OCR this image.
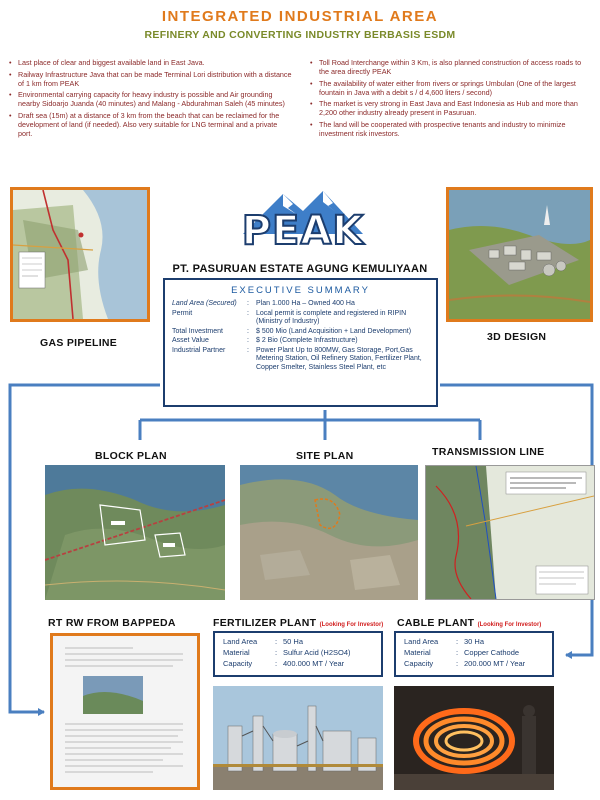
INTEGRATED INDUSTRIAL AREA
REFINERY AND CONVERTING INDUSTRY BERBASIS ESDM
• Last place of clear and biggest available land in East Java.
• Railway Infrastructure Java that can be made Terminal Lori distribution with a distance of 1 km from PEAK
• Environmental carrying capacity for heavy industry is possible and Air grounding nearby Sidoarjo Juanda (40 minutes) and Malang - Abdurahman Saleh (45 minutes)
• Draft sea (15m) at a distance of 3 km from the beach that can be reclaimed for the development of land (if needed). Also very suitable for LNG terminal and a private port.
• Toll Road Interchange within 3 Km, is also planned construction of access roads to the area directly PEAK
• The availability of water either from rivers or springs Umbulan (One of the largest fountain in Java with a debit s / d 4,600 liters / second)
• The market is very strong in East Java and East Indonesia as Hub and more than 2,200 other industry already present in Pasuruan.
• The land will be cooperated with prospective tenants and industry to minimize investment risk investors.
GAS PIPELINE	3D DESIGN
PEAK
PT. PASURUAN ESTATE AGUNG KEMULIYAAN
EXECUTIVE SUMMARY
Land Area (Secured)	:	Plan 1.000 Ha – Owned 400 Ha
Permit	:	Local permit is complete and registered in RIPIN (Ministry of Industry)
Total Investment	:	$ 500 Mio (Land Acquisition + Land Development)
Asset Value	:	$ 2 Bio (Complete Infrastructure)
Industrial Partner	:	Power Plant Up to 800MW, Gas Storage, Port,Gas Metering Station, Oil Refinery Station, Fertilizer Plant, Copper Smelter, Stainless Steel Plant, etc
BLOCK PLAN	SITE PLAN	TRANSMISSION LINE
RT RW FROM BAPPEDA	FERTILIZER PLANT (Looking For Investor)
Land Area	:	50 Ha
Material	:	Sulfur Acid (H2SO4)
Capacity	:	400.000 MT / Year
CABLE PLANT (Looking For Investor)
Land Area	:	30 Ha
Material	:	Copper Cathode
Capacity	:	200.000 MT / Year
